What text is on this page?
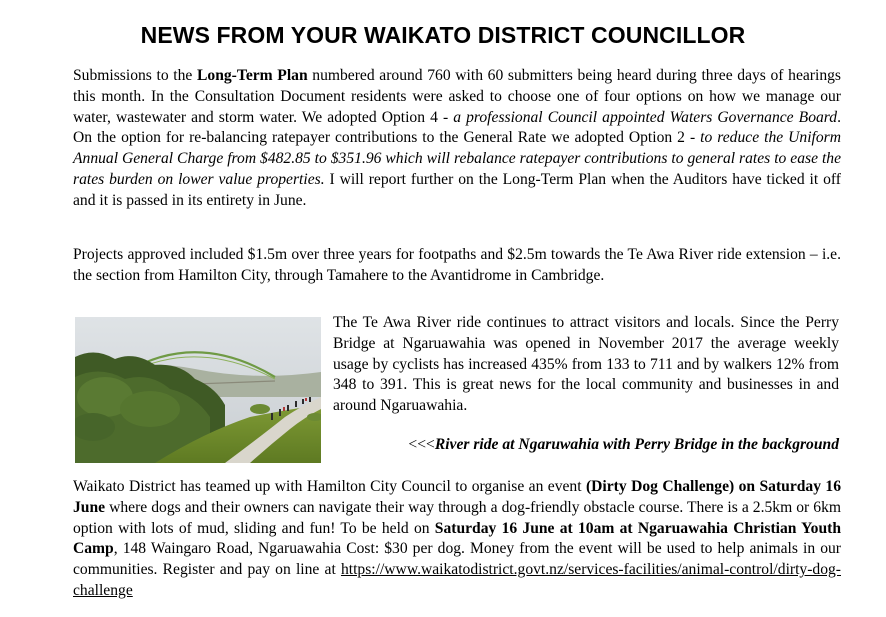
NEWS FROM YOUR WAIKATO DISTRICT COUNCILLOR

Submissions to the Long-Term Plan numbered around 760 with 60 submitters being heard during three days of hearings this month. In the Consultation Document residents were asked to choose one of four options on how we manage our water, wastewater and storm water. We adopted Option 4 - a professional Council appointed Waters Governance Board. On the option for re-balancing ratepayer contributions to the General Rate we adopted Option 2 - to reduce the Uniform Annual General Charge from $482.85 to $351.96 which will rebalance ratepayer contributions to general rates to ease the rates burden on lower value properties. I will report further on the Long-Term Plan when the Auditors have ticked it off and it is passed in its entirety in June.

Projects approved included $1.5m over three years for footpaths and $2.5m towards the Te Awa River ride extension – i.e. the section from Hamilton City, through Tamahere to the Avantidrome in Cambridge.

The Te Awa River ride continues to attract visitors and locals. Since the Perry Bridge at Ngaruawahia was opened in November 2017 the average weekly usage by cyclists has increased 435% from 133 to 711 and by walkers 12% from 348 to 391. This is great news for the local community and businesses in and around Ngaruawahia.

<<<River ride at Ngaruwahia with Perry Bridge in the background

Waikato District has teamed up with Hamilton City Council to organise an event (Dirty Dog Challenge) on Saturday 16 June where dogs and their owners can navigate their way through a dog-friendly obstacle course. There is a 2.5km or 6km option with lots of mud, sliding and fun! To be held on Saturday 16 June at 10am at Ngaruawahia Christian Youth Camp, 148 Waingaro Road, Ngaruawahia Cost: $30 per dog. Money from the event will be used to help animals in our communities. Register and pay on line at https://www.waikatodistrict.govt.nz/services-facilities/animal-control/dirty-dog-challenge
